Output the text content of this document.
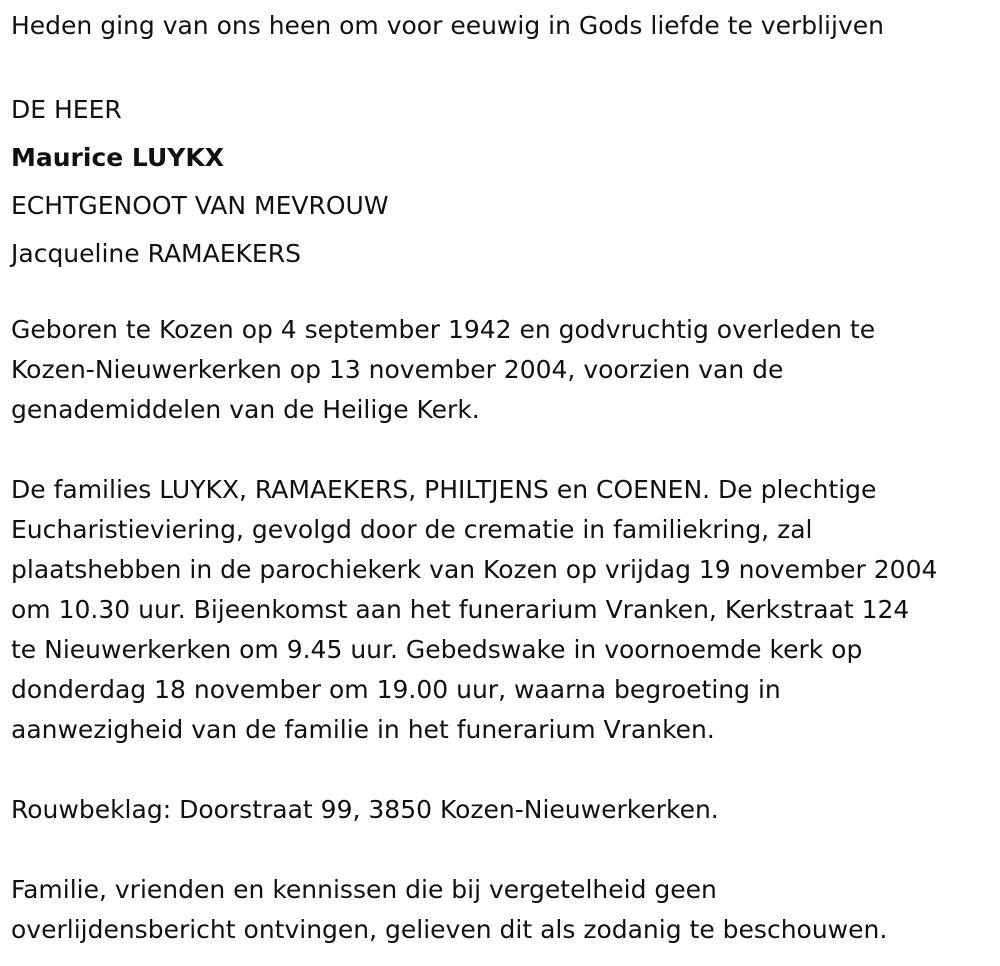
Heden ging van ons heen om voor eeuwig in Gods liefde te verblijven

DE HEER

Maurice LUYKX

ECHTGENOOT VAN MEVROUW

Jacqueline RAMAEKERS

Geboren te Kozen op 4 september 1942 en godvruchtig overleden te

Kozen-Nieuwerkerken op 13 november 2004, voorzien van de

genademiddelen van de Heilige Kerk.

De families LUYKX, RAMAEKERS, PHILTJENS en COENEN. De plechtige

Eucharistieviering, gevolgd door de crematie in familiekring, zal

plaatshebben in de parochiekerk van Kozen op vrijdag 19 november 2004

om 10.30 uur. Bijeenkomst aan het funerarium Vranken, Kerkstraat 124

te Nieuwerkerken om 9.45 uur. Gebedswake in voornoemde kerk op

donderdag 18 november om 19.00 uur, waarna begroeting in

aanwezigheid van de familie in het funerarium Vranken.

Rouwbeklag: Doorstraat 99, 3850 Kozen-Nieuwerkerken.

Familie, vrienden en kennissen die bij vergetelheid geen

overlijdensbericht ontvingen, gelieven dit als zodanig te beschouwen.
